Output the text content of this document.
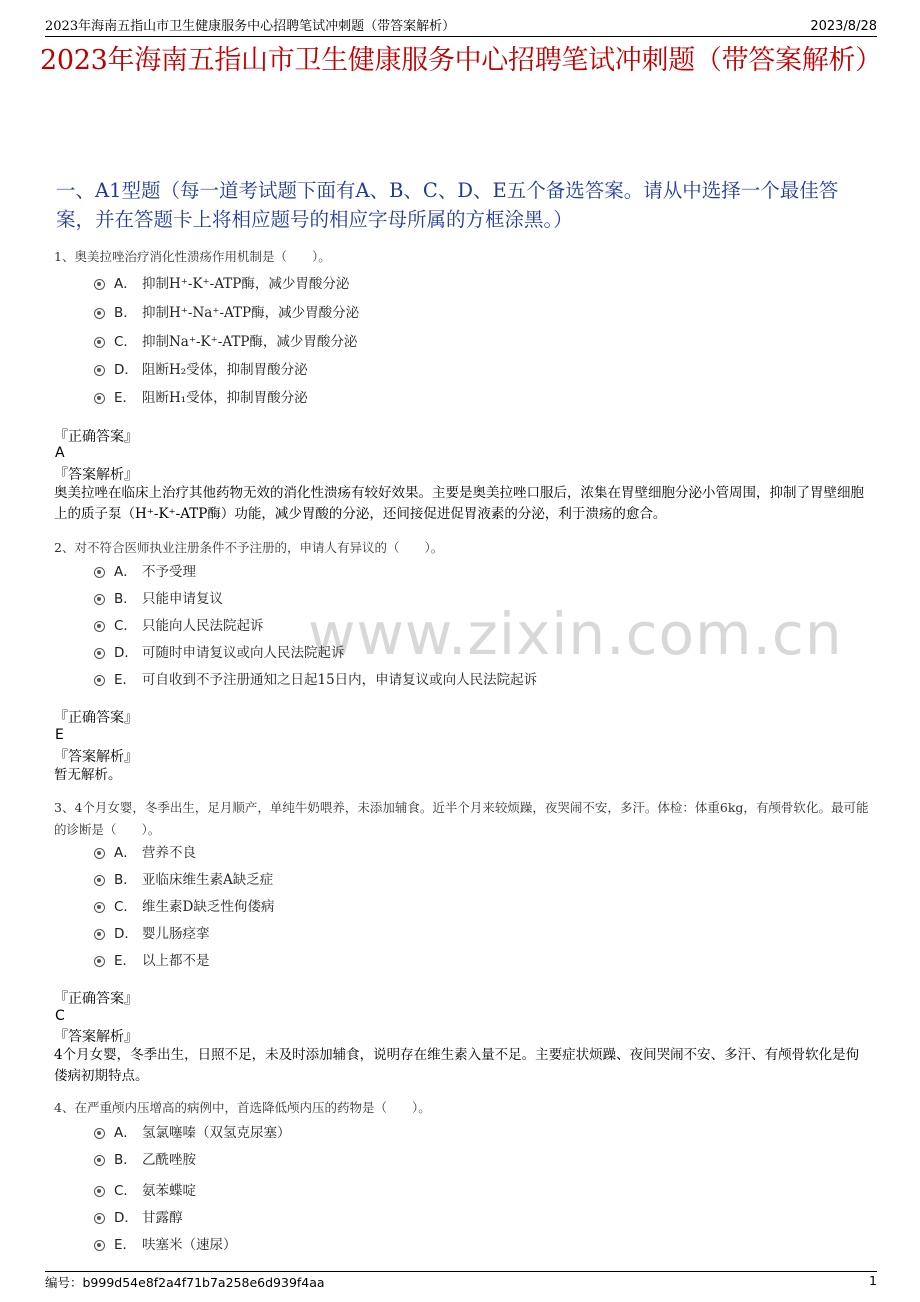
2023年海南五指山市卫生健康服务中心招聘笔试冲刺题（带答案解析）	2023/8/28
2023年海南五指山市卫生健康服务中心招聘笔试冲刺题（带答案解析）
一、A1型题（每一道考试题下面有A、B、C、D、E五个备选答案。请从中选择一个最佳答案，并在答题卡上将相应题号的相应字母所属的方框涂黑。）
www.zixin.com.cn
1、奥美拉唑治疗消化性溃疡作用机制是（　　）。
A． 抑制H⁺-K⁺-ATP酶，减少胃酸分泌
B． 抑制H⁺-Na⁺-ATP酶，减少胃酸分泌
C． 抑制Na⁺-K⁺-ATP酶，减少胃酸分泌
D． 阻断H₂受体，抑制胃酸分泌
E． 阻断H₁受体，抑制胃酸分泌
『正确答案』
A
『答案解析』
奥美拉唑在临床上治疗其他药物无效的消化性溃疡有较好效果。主要是奥美拉唑口服后，浓集在胃壁细胞分泌小管周围，抑制了胃壁细胞上的质子泵（H⁺-K⁺-ATP酶）功能，减少胃酸的分泌，还间接促进促胃液素的分泌，利于溃疡的愈合。
2、对不符合医师执业注册条件不予注册的，申请人有异议的（　　）。
A． 不予受理
B． 只能申请复议
C． 只能向人民法院起诉
D． 可随时申请复议或向人民法院起诉
E． 可自收到不予注册通知之日起15日内，申请复议或向人民法院起诉
『正确答案』
E
『答案解析』
暂无解析。
3、4个月女婴，冬季出生，足月顺产，单纯牛奶喂养，未添加辅食。近半个月来较烦躁，夜哭闹不安，多汗。体检：体重6kg，有颅骨软化。最可能的诊断是（　　）。
A． 营养不良
B． 亚临床维生素A缺乏症
C． 维生素D缺乏性佝偻病
D． 婴儿肠痉挛
E． 以上都不是
『正确答案』
C
『答案解析』
4个月女婴，冬季出生，日照不足，未及时添加辅食，说明存在维生素入量不足。主要症状烦躁、夜间哭闹不安、多汗、有颅骨软化是佝偻病初期特点。
4、在严重颅内压增高的病例中，首选降低颅内压的药物是（　　）。
A． 氢氯噻嗪（双氢克尿塞）
B． 乙酰唑胺
C． 氨苯蝶啶
D． 甘露醇
E． 呋塞米（速尿）
编号：b999d54e8f2a4f71b7a258e6d939f4aa	1
